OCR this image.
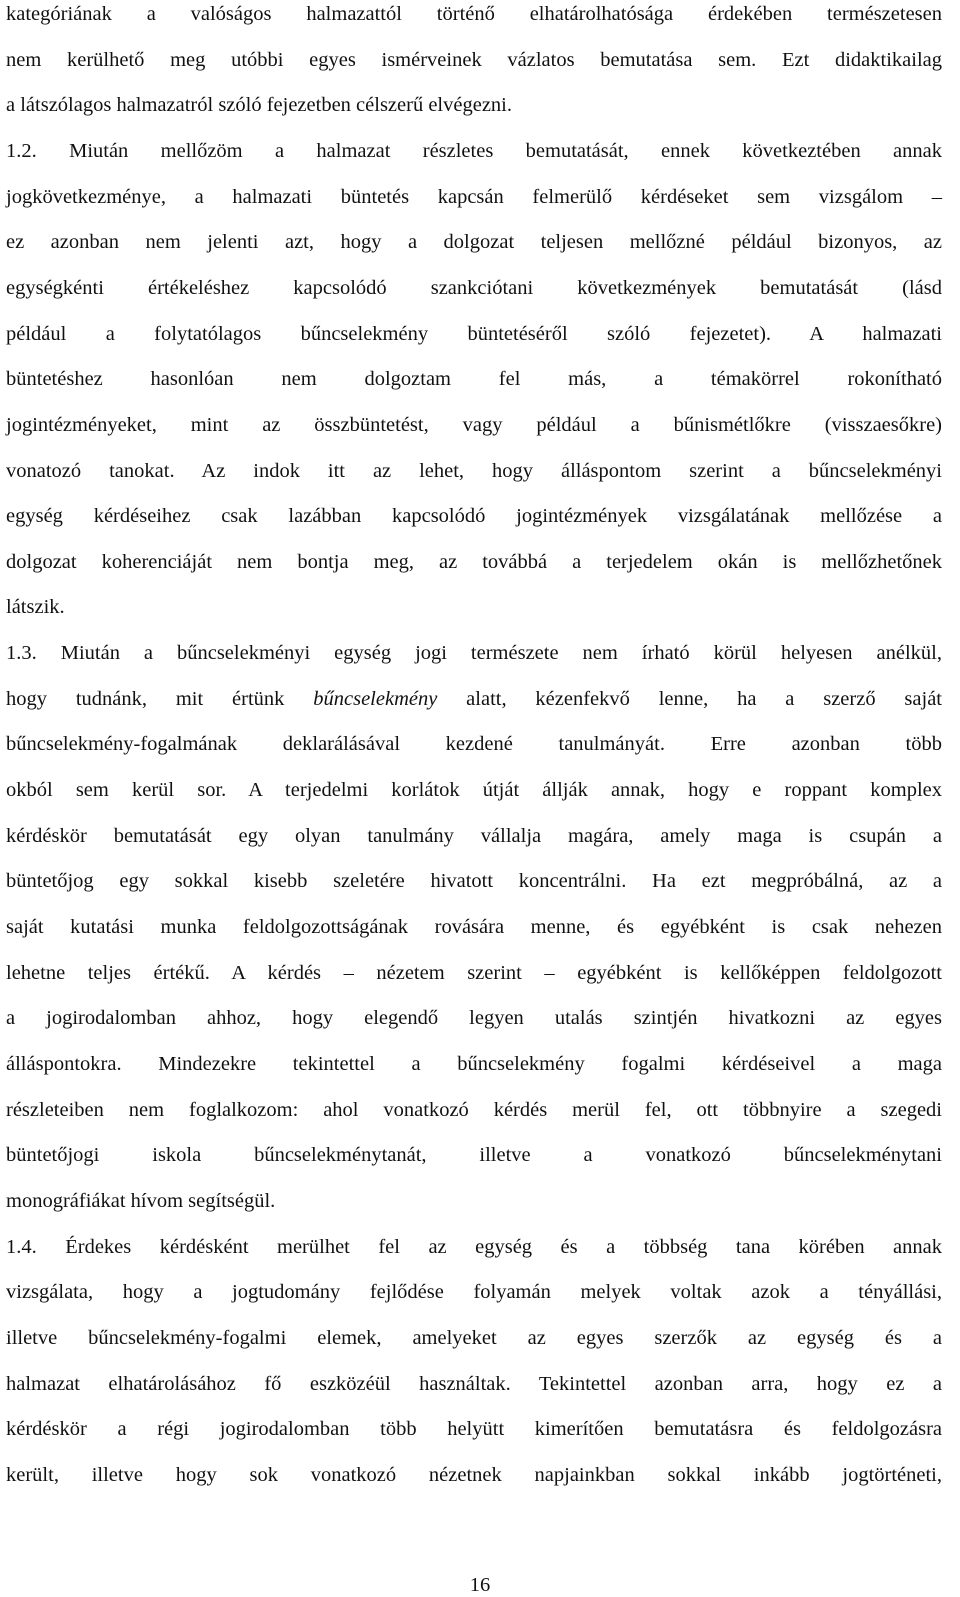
kategóriának a valóságos halmazattól történő elhatárolhatósága érdekében természetesen
nem kerülhető meg utóbbi egyes ismérveinek vázlatos bemutatása sem. Ezt didaktikailag
a látszólagos halmazatról szóló fejezetben célszerű elvégezni.
1.2. Miután mellőzöm a halmazat részletes bemutatását, ennek következtében annak
jogkövetkezménye, a halmazati büntetés kapcsán felmerülő kérdéseket sem vizsgálom –
ez azonban nem jelenti azt, hogy a dolgozat teljesen mellőzné például bizonyos, az
egységkénti értékeléshez kapcsolódó szankciótani következmények bemutatását (lásd
például a folytatólagos bűncselekmény büntetéséről szóló fejezetet). A halmazati
büntetéshez hasonlóan nem dolgoztam fel más, a témakörrel rokonítható
jogintézményeket, mint az összbüntetést, vagy például a bűnismétlőkre (visszaesőkre)
vonatozó tanokat. Az indok itt az lehet, hogy álláspontom szerint a bűncselekményi
egység kérdéseihez csak lazábban kapcsolódó jogintézmények vizsgálatának mellőzése a
dolgozat koherenciáját nem bontja meg, az továbbá a terjedelem okán is mellőzhetőnek
látszik.
1.3. Miután a bűncselekményi egység jogi természete nem írható körül helyesen anélkül,
hogy tudnánk, mit értünk bűncselekmény alatt, kézenfekvő lenne, ha a szerző saját
bűncselekmény-fogalmának deklarálásával kezdené tanulmányát. Erre azonban több
okból sem kerül sor. A terjedelmi korlátok útját állják annak, hogy e roppant komplex
kérdéskör bemutatását egy olyan tanulmány vállalja magára, amely maga is csupán a
büntetőjog egy sokkal kisebb szeletére hivatott koncentrálni. Ha ezt megpróbálná, az a
saját kutatási munka feldolgozottságának rovására menne, és egyébként is csak nehezen
lehetne teljes értékű. A kérdés – nézetem szerint – egyébként is kellőképpen feldolgozott
a jogirodalomban ahhoz, hogy elegendő legyen utalás szintjén hivatkozni az egyes
álláspontokra. Mindezekre tekintettel a bűncselekmény fogalmi kérdéseivel a maga
részleteiben nem foglalkozom: ahol vonatkozó kérdés merül fel, ott többnyire a szegedi
büntetőjogi iskola bűncselekménytanát, illetve a vonatkozó bűncselekménytani
monográfiákat hívom segítségül.
1.4. Érdekes kérdésként merülhet fel az egység és a többség tana körében annak
vizsgálata, hogy a jogtudomány fejlődése folyamán melyek voltak azok a tényállási,
illetve bűncselekmény-fogalmi elemek, amelyeket az egyes szerzők az egység és a
halmazat elhatárolásához fő eszközéül használtak. Tekintettel azonban arra, hogy ez a
kérdéskör a régi jogirodalomban több helyütt kimerítően bemutatásra és feldolgozásra
került, illetve hogy sok vonatkozó nézetnek napjainkban sokkal inkább jogtörténeti,
16
